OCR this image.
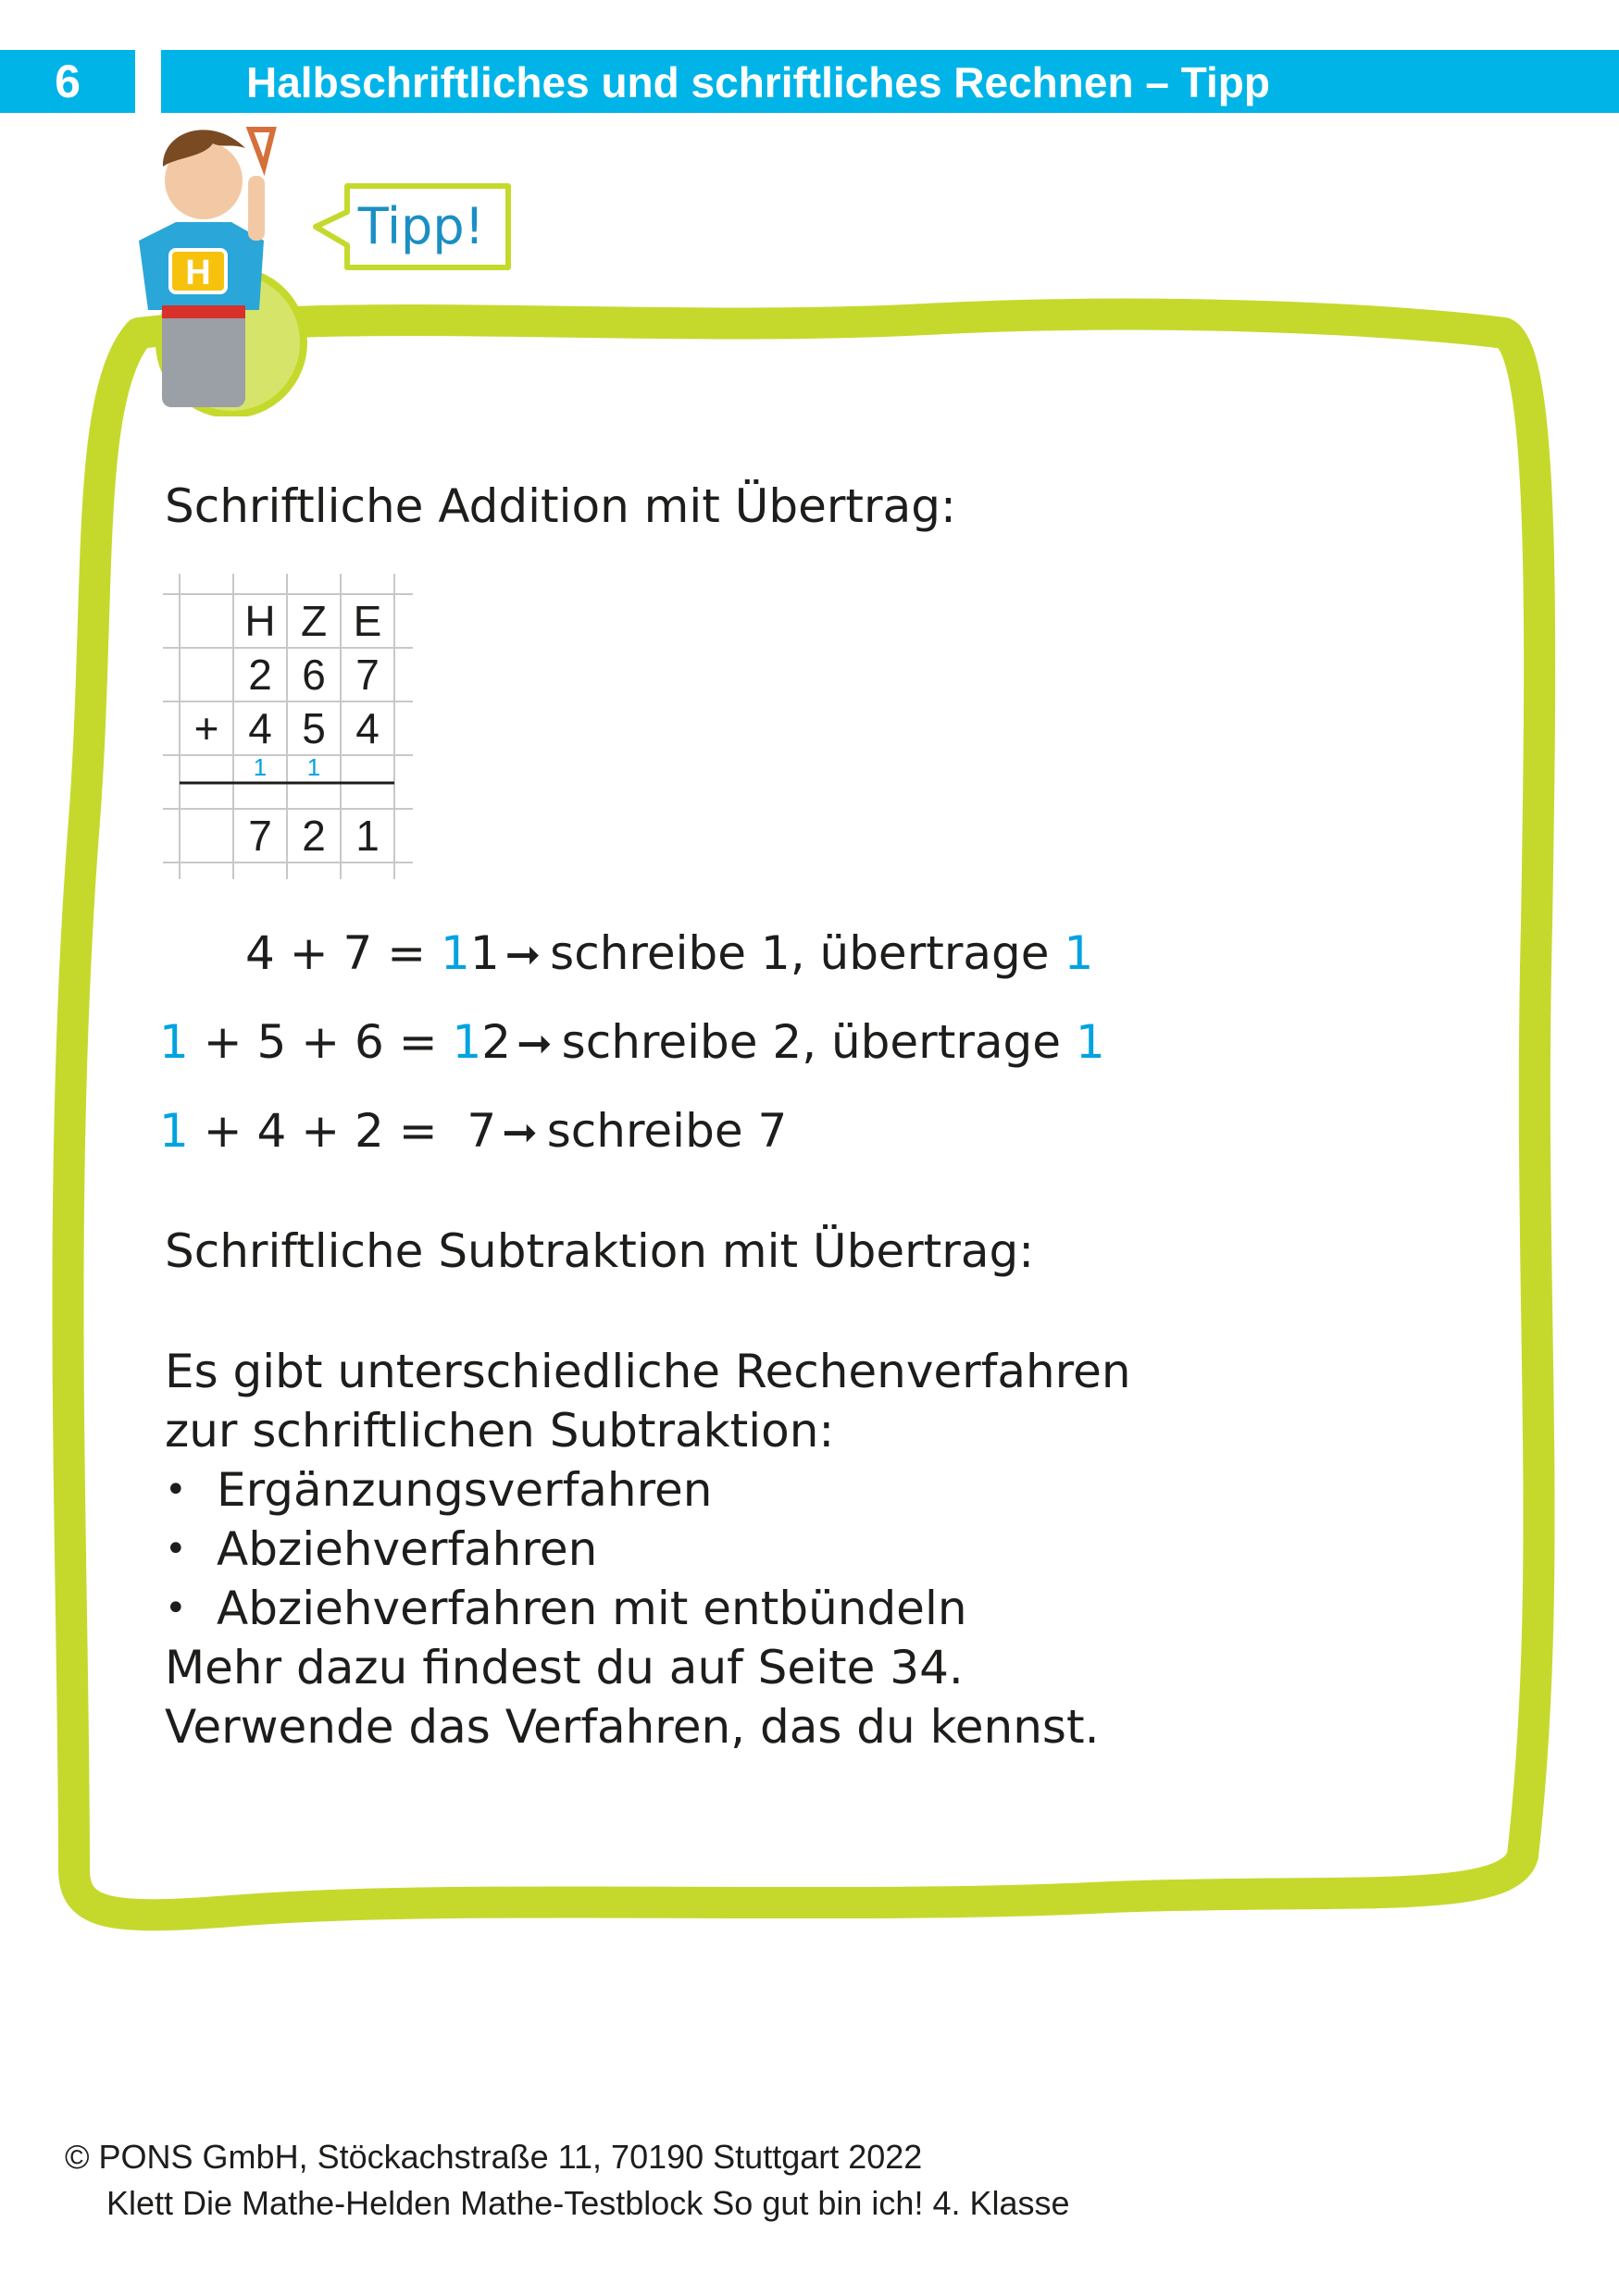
6	Halbschriftliches und schriftliches Rechnen – Tipp
H
Tipp!
Schriftliche Addition mit Übertrag:
H Z E
2 6 7
+ 4 5 4
1	1
7 2 1
4 + 7 = 11 ➞ schreibe 1, übertrage 1
1 + 5 + 6 = 12 ➞ schreibe 2, übertrage 1
1 + 4 + 2 =  7 ➞ schreibe 7
Schriftliche Subtraktion mit Übertrag:
Es gibt unterschiedliche Rechenverfahren
zur schriftlichen Subtraktion:
• Ergänzungsverfahren
• Abziehverfahren
• Abziehverfahren mit entbündeln
Mehr dazu findest du auf Seite 34.
Verwende das Verfahren, das du kennst.
© PONS GmbH, Stöckachstraße 11, 70190 Stuttgart 2022
Klett Die Mathe-Helden Mathe-Testblock So gut bin ich! 4. Klasse
